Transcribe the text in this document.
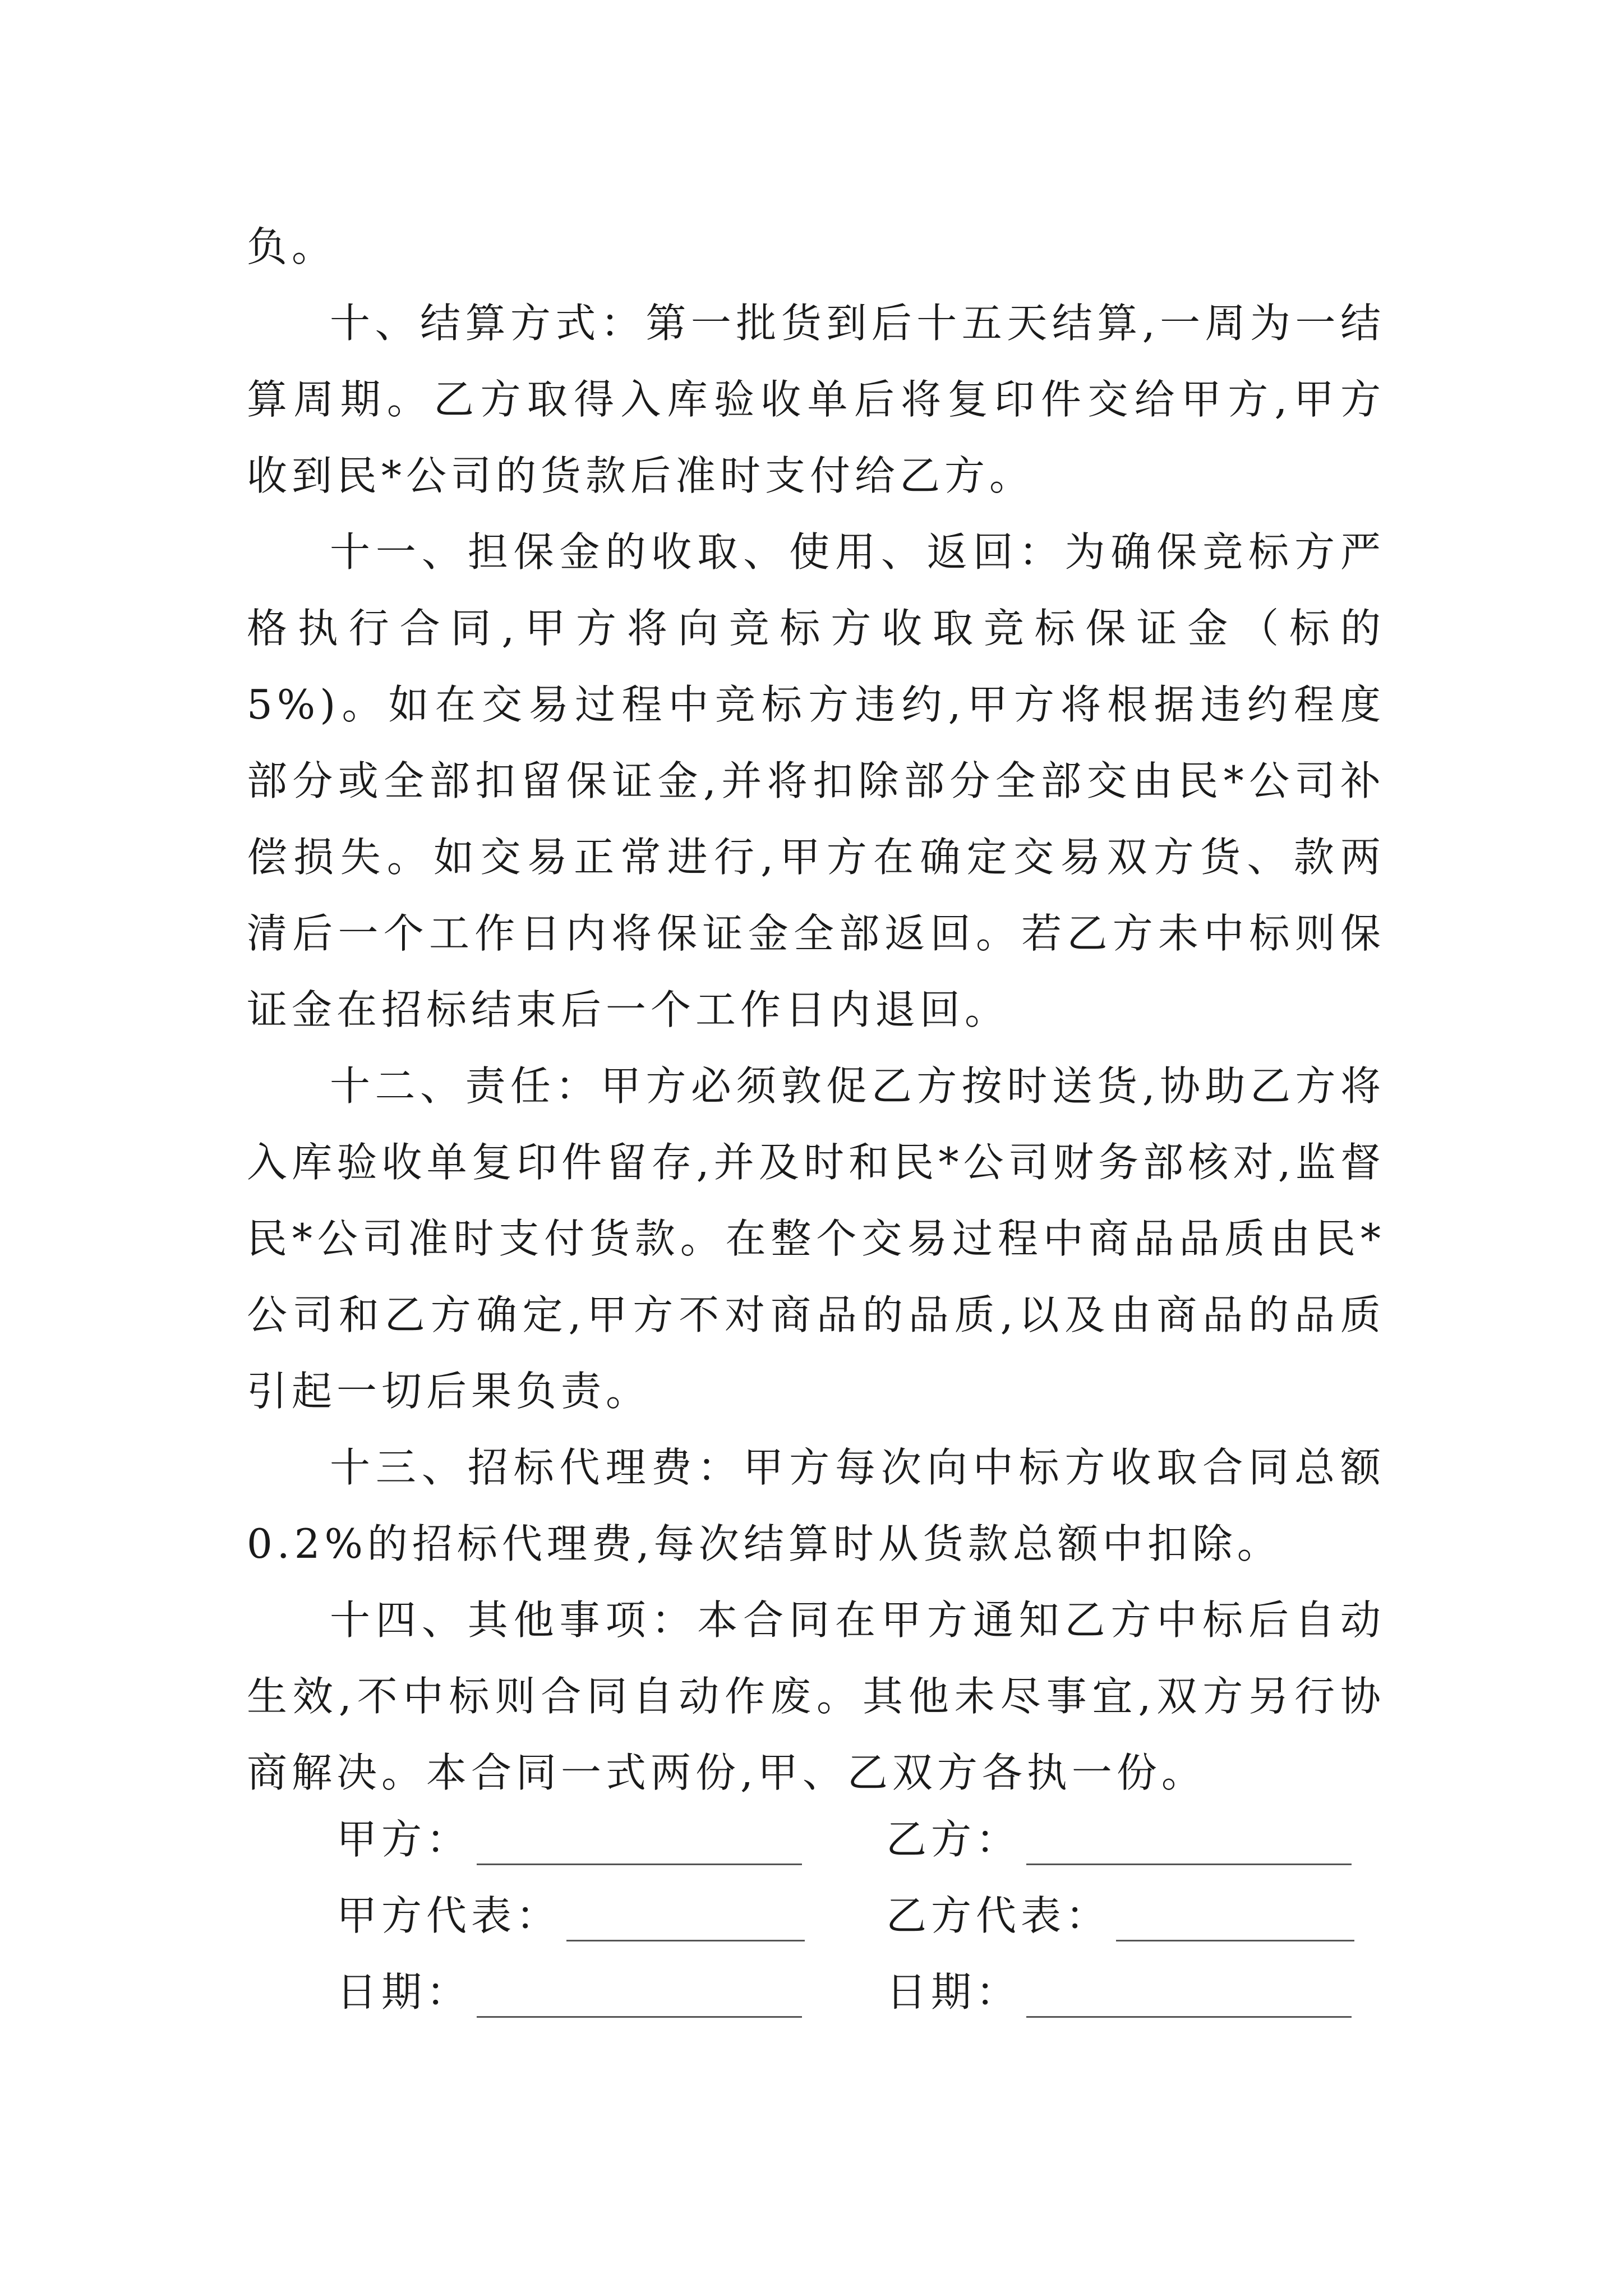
负。

十、结算方式：第一批货到后十五天结算,一周为一结算周期。乙方取得入库验收单后将复印件交给甲方,甲方收到民*公司的货款后准时支付给乙方。

十一、担保金的收取、使用、返回：为确保竞标方严格执行合同,甲方将向竞标方收取竞标保证金（标的5%)。如在交易过程中竞标方违约,甲方将根据违约程度部分或全部扣留保证金,并将扣除部分全部交由民*公司补偿损失。如交易正常进行,甲方在确定交易双方货、款两清后一个工作日内将保证金全部返回。若乙方未中标则保证金在招标结束后一个工作日内退回。

十二、责任：甲方必须敦促乙方按时送货,协助乙方将入库验收单复印件留存,并及时和民*公司财务部核对,监督民*公司准时支付货款。在整个交易过程中商品品质由民*公司和乙方确定,甲方不对商品的品质,以及由商品的品质引起一切后果负责。

十三、招标代理费：甲方每次向中标方收取合同总额0.2%的招标代理费,每次结算时从货款总额中扣除。

十四、其他事项：本合同在甲方通知乙方中标后自动生效,不中标则合同自动作废。其他未尽事宜,双方另行协商解决。本合同一式两份,甲、乙双方各执一份。

甲方：	乙方：
甲方代表：	乙方代表：
日期：	日期：
